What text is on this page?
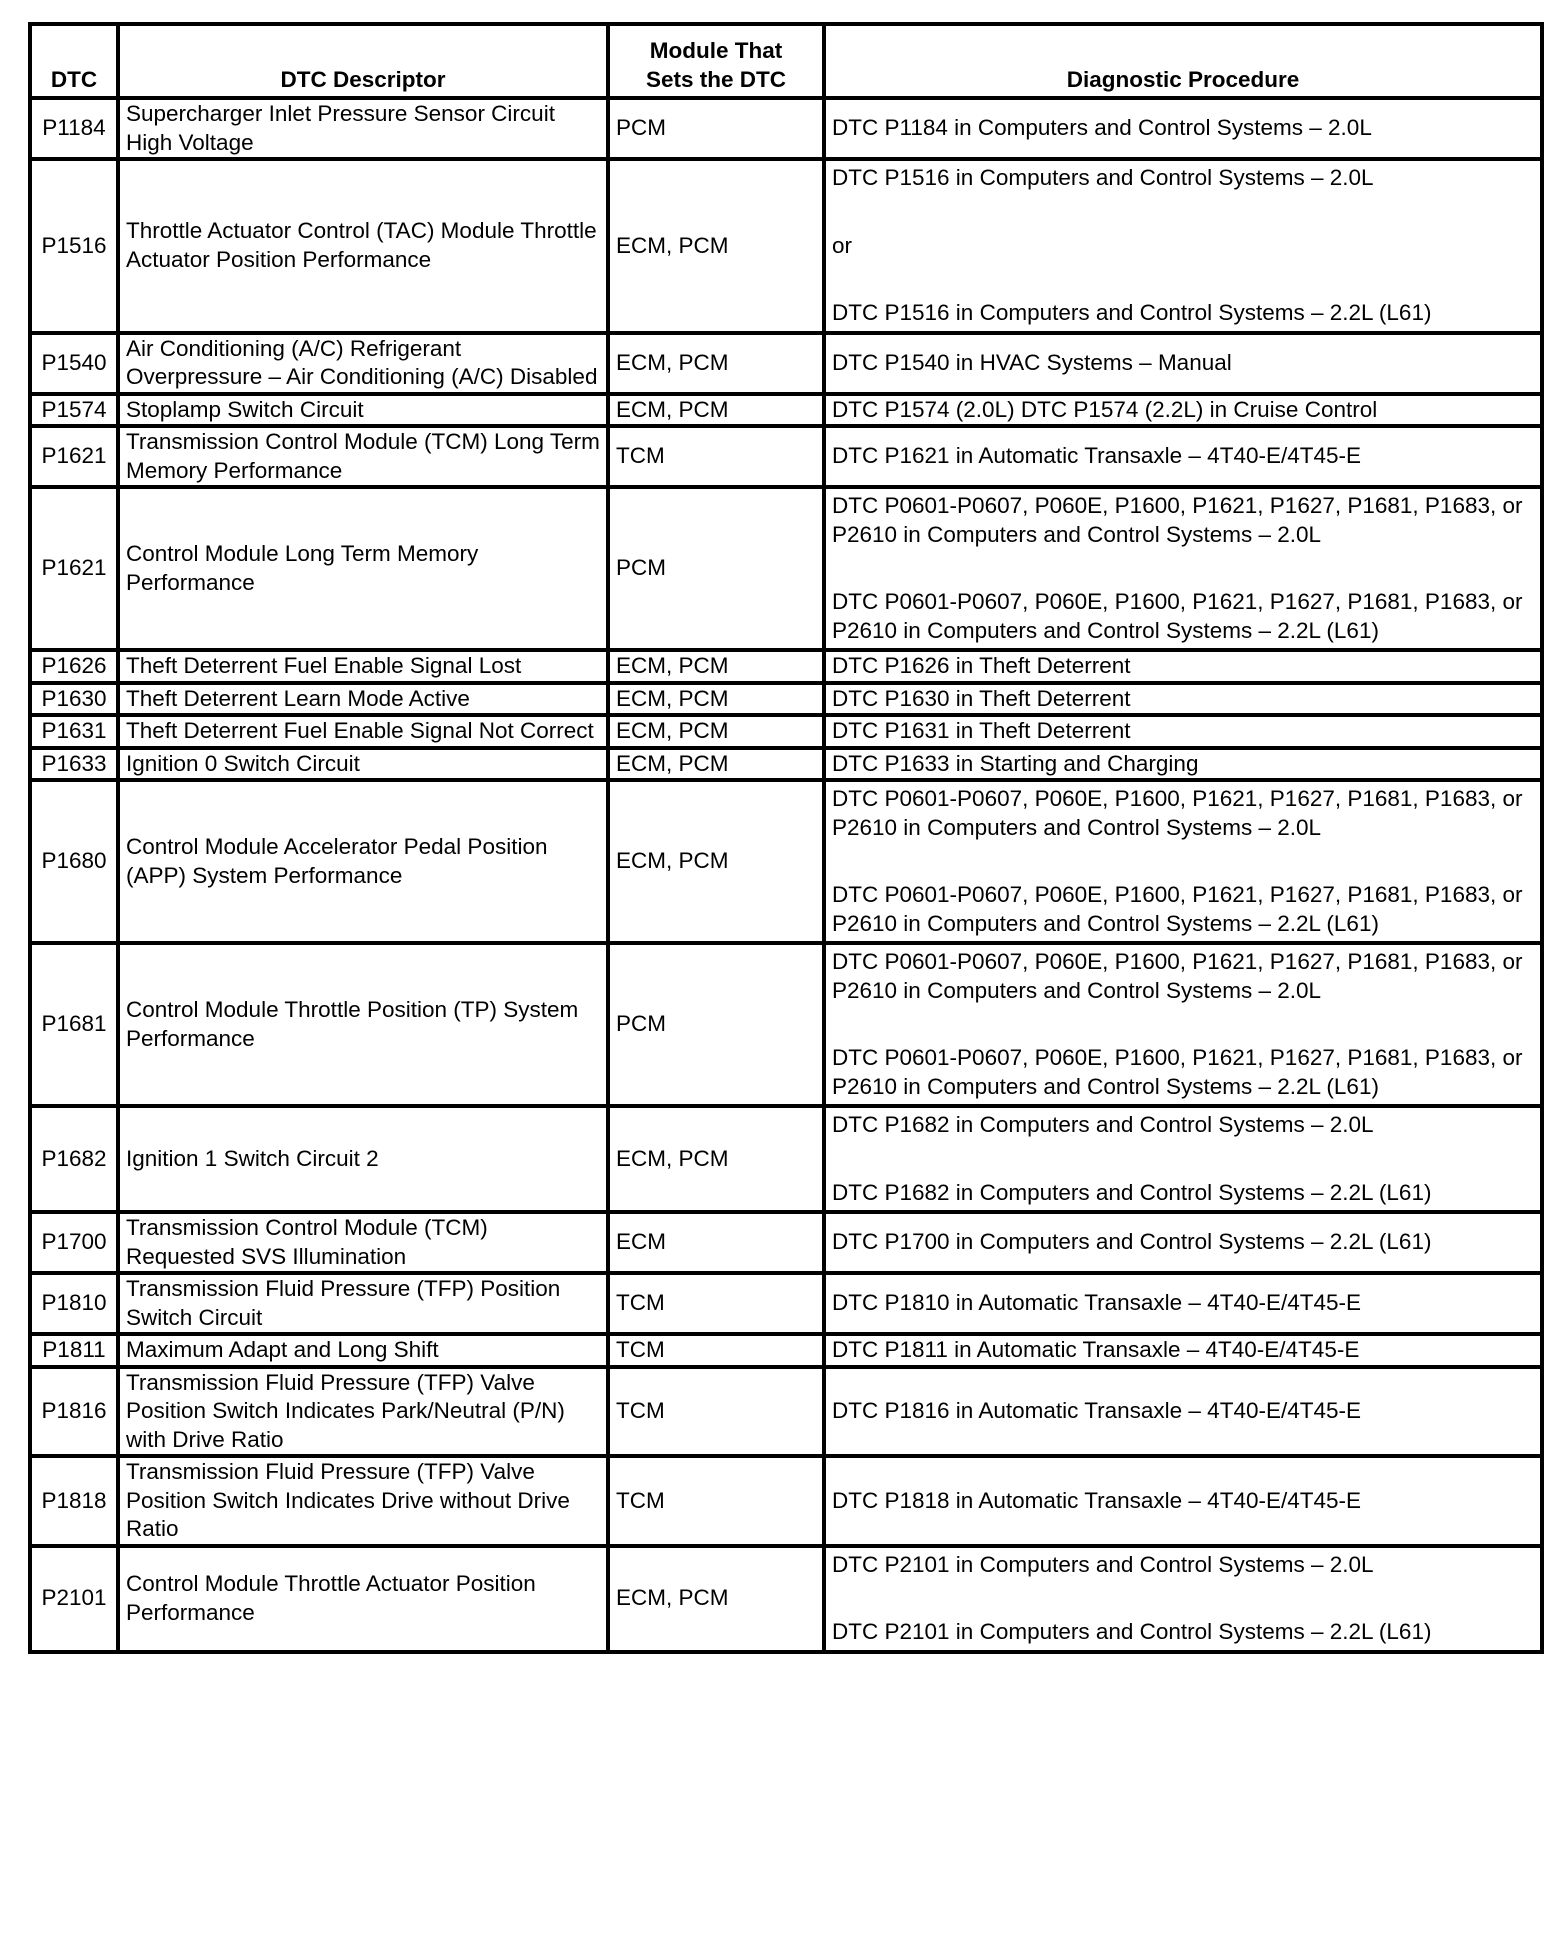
DTC	DTC Descriptor	Module That
Sets the DTC	Diagnostic Procedure
P1184	Supercharger Inlet Pressure Sensor Circuit High Voltage	PCM	DTC P1184 in Computers and Control Systems – 2.0L

P1516	Throttle Actuator Control (TAC) Module Throttle Actuator Position Performance	ECM, PCM	DTC P1516 in Computers and Control Systems – 2.0L
or
DTC P1516 in Computers and Control Systems – 2.2L (L61)

P1540	Air Conditioning (A/C) Refrigerant Overpressure – Air Conditioning (A/C) Disabled	ECM, PCM	DTC P1540 in HVAC Systems – Manual

P1574	Stoplamp Switch Circuit	ECM, PCM	DTC P1574 (2.0L) DTC P1574 (2.2L) in Cruise Control

P1621	Transmission Control Module (TCM) Long Term Memory Performance	TCM	DTC P1621 in Automatic Transaxle – 4T40-E/4T45-E

P1621	Control Module Long Term Memory Performance	PCM	DTC P0601-P0607, P060E, P1600, P1621, P1627, P1681, P1683, or P2610 in Computers and Control Systems – 2.0L
DTC P0601-P0607, P060E, P1600, P1621, P1627, P1681, P1683, or P2610 in Computers and Control Systems – 2.2L (L61)

P1626	Theft Deterrent Fuel Enable Signal Lost	ECM, PCM	DTC P1626 in Theft Deterrent

P1630	Theft Deterrent Learn Mode Active	ECM, PCM	DTC P1630 in Theft Deterrent

P1631	Theft Deterrent Fuel Enable Signal Not Correct	ECM, PCM	DTC P1631 in Theft Deterrent

P1633	Ignition 0 Switch Circuit	ECM, PCM	DTC P1633 in Starting and Charging

P1680	Control Module Accelerator Pedal Position (APP) System Performance	ECM, PCM	DTC P0601-P0607, P060E, P1600, P1621, P1627, P1681, P1683, or P2610 in Computers and Control Systems – 2.0L
DTC P0601-P0607, P060E, P1600, P1621, P1627, P1681, P1683, or P2610 in Computers and Control Systems – 2.2L (L61)

P1681	Control Module Throttle Position (TP) System Performance	PCM	DTC P0601-P0607, P060E, P1600, P1621, P1627, P1681, P1683, or P2610 in Computers and Control Systems – 2.0L
DTC P0601-P0607, P060E, P1600, P1621, P1627, P1681, P1683, or P2610 in Computers and Control Systems – 2.2L (L61)

P1682	Ignition 1 Switch Circuit 2	ECM, PCM	DTC P1682 in Computers and Control Systems – 2.0L
DTC P1682 in Computers and Control Systems – 2.2L (L61)

P1700	Transmission Control Module (TCM) Requested SVS Illumination	ECM	DTC P1700 in Computers and Control Systems – 2.2L (L61)

P1810	Transmission Fluid Pressure (TFP) Position Switch Circuit	TCM	DTC P1810 in Automatic Transaxle – 4T40-E/4T45-E

P1811	Maximum Adapt and Long Shift	TCM	DTC P1811 in Automatic Transaxle – 4T40-E/4T45-E

P1816	Transmission Fluid Pressure (TFP) Valve Position Switch Indicates Park/Neutral (P/N) with Drive Ratio	TCM	DTC P1816 in Automatic Transaxle – 4T40-E/4T45-E

P1818	Transmission Fluid Pressure (TFP) Valve Position Switch Indicates Drive without Drive Ratio	TCM	DTC P1818 in Automatic Transaxle – 4T40-E/4T45-E

P2101	Control Module Throttle Actuator Position Performance	ECM, PCM	DTC P2101 in Computers and Control Systems – 2.0L
DTC P2101 in Computers and Control Systems – 2.2L (L61)
